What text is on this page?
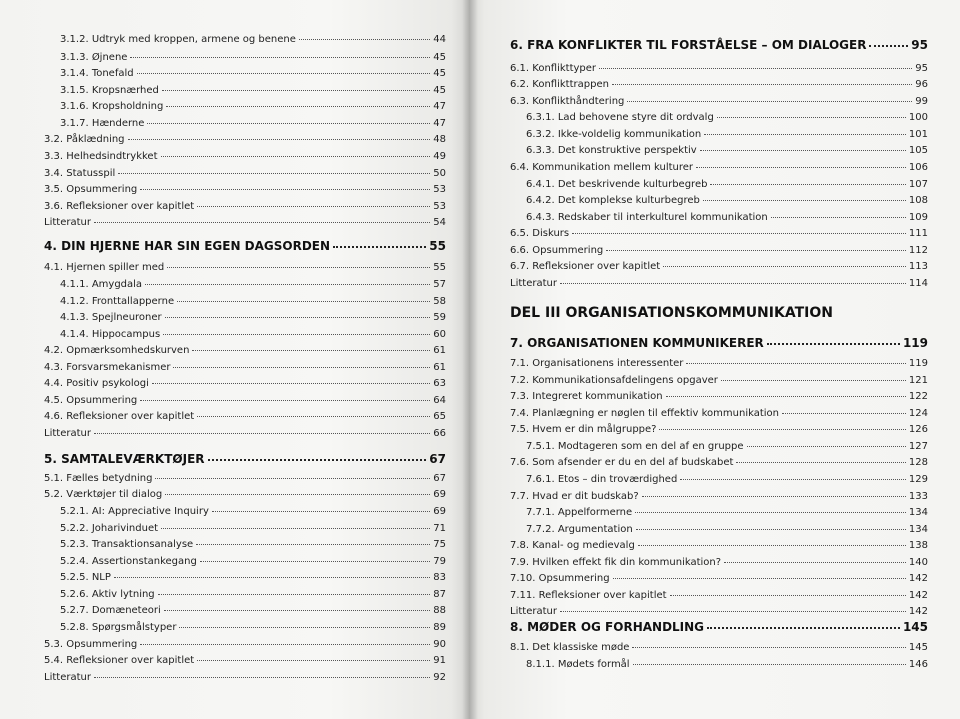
3.1.2. Udtryk med kroppen, armene og benene	44
3.1.3. Øjnene	45
3.1.4. Tonefald	45
3.1.5. Kropsnærhed	45
3.1.6. Kropsholdning	47
3.1.7. Hænderne	47
3.2. Påklædning	48
3.3. Helhedsindtrykket	49
3.4. Statusspil	50
3.5. Opsummering	53
3.6. Refleksioner over kapitlet	53
Litteratur	54
4. DIN HJERNE HAR SIN EGEN DAGSORDEN	55
4.1. Hjernen spiller med	55
4.1.1. Amygdala	57
4.1.2. Fronttallapperne	58
4.1.3. Spejlneuroner	59
4.1.4. Hippocampus	60
4.2. Opmærksomhedskurven	61
4.3. Forsvarsmekanismer	61
4.4. Positiv psykologi	63
4.5. Opsummering	64
4.6. Refleksioner over kapitlet	65
Litteratur	66
5. SAMTALEVÆRKTØJER	67
5.1. Fælles betydning	67
5.2. Værktøjer til dialog	69
5.2.1. AI: Appreciative Inquiry	69
5.2.2. Joharivinduet	71
5.2.3. Transaktionsanalyse	75
5.2.4. Assertionstankegang	79
5.2.5. NLP	83
5.2.6. Aktiv lytning	87
5.2.7. Domæneteori	88
5.2.8. Spørgsmålstyper	89
5.3. Opsummering	90
5.4. Refleksioner over kapitlet	91
Litteratur	92
6. FRA KONFLIKTER TIL FORSTÅELSE – OM DIALOGER	95
6.1. Konflikttyper	95
6.2. Konflikttrappen	96
6.3. Konflikthåndtering	99
6.3.1. Lad behovene styre dit ordvalg	100
6.3.2. Ikke-voldelig kommunikation	101
6.3.3. Det konstruktive perspektiv	105
6.4. Kommunikation mellem kulturer	106
6.4.1. Det beskrivende kulturbegreb	107
6.4.2. Det komplekse kulturbegreb	108
6.4.3. Redskaber til interkulturel kommunikation	109
6.5. Diskurs	111
6.6. Opsummering	112
6.7. Refleksioner over kapitlet	113
Litteratur	114
DEL III ORGANISATIONSKOMMUNIKATION
7. ORGANISATIONEN KOMMUNIKERER	119
7.1. Organisationens interessenter	119
7.2. Kommunikationsafdelingens opgaver	121
7.3. Integreret kommunikation	122
7.4. Planlægning er nøglen til effektiv kommunikation	124
7.5. Hvem er din målgruppe?	126
7.5.1. Modtageren som en del af en gruppe	127
7.6. Som afsender er du en del af budskabet	128
7.6.1. Etos – din troværdighed	129
7.7. Hvad er dit budskab?	133
7.7.1. Appelformerne	134
7.7.2. Argumentation	134
7.8. Kanal- og medievalg	138
7.9. Hvilken effekt fik din kommunikation?	140
7.10. Opsummering	142
7.11. Refleksioner over kapitlet	142
Litteratur	142
8. MØDER OG FORHANDLING	145
8.1. Det klassiske møde	145
8.1.1. Mødets formål	146
